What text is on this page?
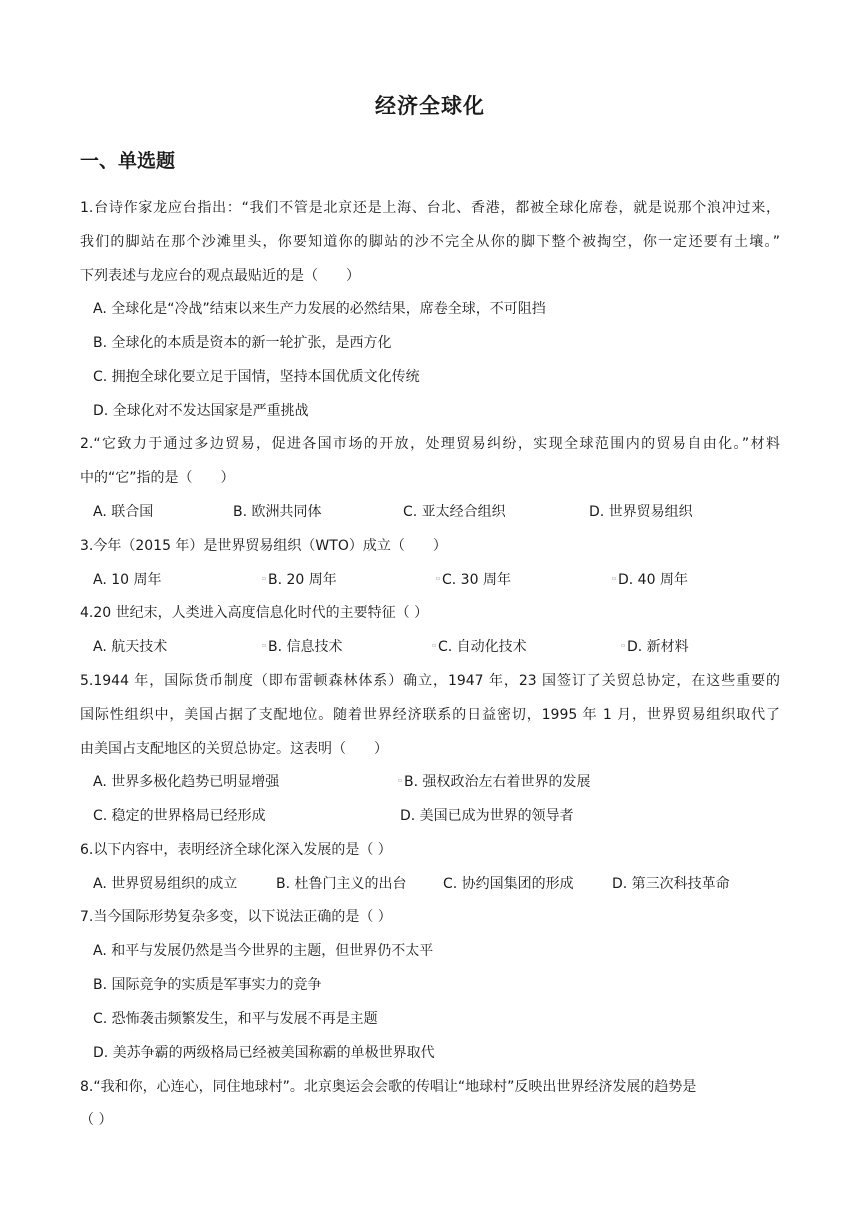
经济全球化
一、单选题
1.台诗作家龙应台指出：“我们不管是北京还是上海、台北、香港，都被全球化席卷，就是说那个浪冲过来，
我们的脚站在那个沙滩里头，你要知道你的脚站的沙不完全从你的脚下整个被掏空，你一定还要有土壤。”
下列表述与龙应台的观点最贴近的是（　　）
A. 全球化是“冷战”结束以来生产力发展的必然结果，席卷全球，不可阻挡
B. 全球化的本质是资本的新一轮扩张，是西方化
C. 拥抱全球化要立足于国情，坚持本国优质文化传统
D. 全球化对不发达国家是严重挑战
2.“它致力于通过多边贸易，促进各国市场的开放，处理贸易纠纷，实现全球范围内的贸易自由化。”材料
中的“它”指的是（　　）
A. 联合国	B. 欧洲共同体	C. 亚太经合组织	D. 世界贸易组织
3.今年（2015 年）是世界贸易组织（WTO）成立（　　）
A. 10 周年	▫ B. 20 周年	▫ C. 30 周年	▫ D. 40 周年
4.20 世纪末，人类进入高度信息化时代的主要特征（ ）
A. 航天技术	▫ B. 信息技术	▫ C. 自动化技术	▫ D. 新材料
5.1944 年，国际货币制度（即布雷顿森林体系）确立，1947 年，23 国签订了关贸总协定，在这些重要的
国际性组织中，美国占据了支配地位。随着世界经济联系的日益密切，1995 年 1 月，世界贸易组织取代了
由美国占支配地区的关贸总协定。这表明（　　）
A. 世界多极化趋势已明显增强	▫ B. 强权政治左右着世界的发展
C. 稳定的世界格局已经形成	D. 美国已成为世界的领导者
6.以下内容中，表明经济全球化深入发展的是（ ）
A. 世界贸易组织的成立	B. 杜鲁门主义的出台	C. 协约国集团的形成	D. 第三次科技革命
7.当今国际形势复杂多变，以下说法正确的是（ ）
A. 和平与发展仍然是当今世界的主题，但世界仍不太平
B. 国际竞争的实质是军事实力的竞争
C. 恐怖袭击频繁发生，和平与发展不再是主题
D. 美苏争霸的两级格局已经被美国称霸的单极世界取代
8.“我和你，心连心，同住地球村”。北京奥运会会歌的传唱让“地球村”反映出世界经济发展的趋势是
（ ）
